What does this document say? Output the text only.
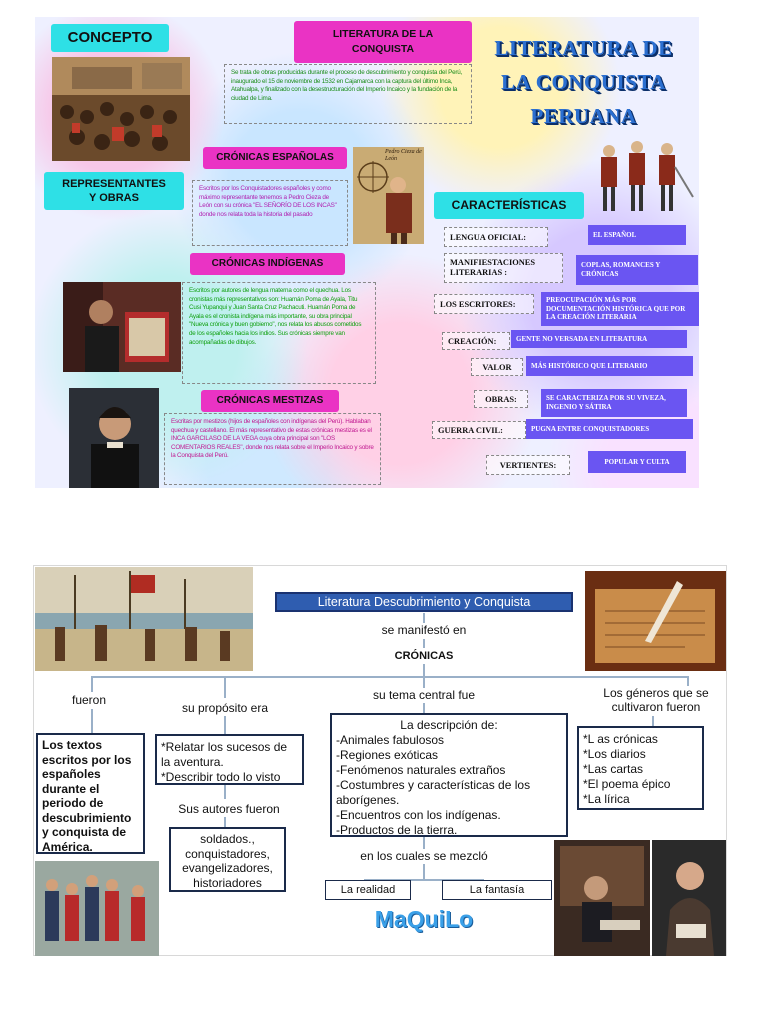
CONCEPTO	LITERATURA DE LA
CONQUISTA
Se trata de obras producidas durante el proceso de descubrimiento y conquista del Perú, inaugurado el 15 de noviembre de 1532 en Cajamarca con la captura del último Inca, Atahualpa, y finalizado con la desestructuración del Imperio Incaico y la fundación de la ciudad de Lima.
LITERATURA DE
LA CONQUISTA
PERUANA
CRÓNICAS ESPAÑOLAS
Escritos por los Conquistadores españoles y como máximo representante tenemos a Pedro Cieza de León con su crónica "EL SEÑORÍO DE LOS INCAS" donde nos relata toda la historia del pasado
Pedro Cieza de León
REPRESENTANTES
Y OBRAS	CARACTERÍSTICAS
CRÓNICAS INDÍGENAS
Escritos por autores de lengua materna como el quechua. Los cronistas más representativos son: Huamán Poma de Ayala, Titu Cusi Yupanqui y Juan Santa Cruz Pachacuti. Huamán Poma de Ayala es el cronista indígena más importante, su obra principal "Nueva crónica y buen gobierno", nos relata los abusos cometidos de los españoles hacia los indios. Sus crónicas siempre van acompañadas de dibujos.
CRÓNICAS MESTIZAS
Escritas por mestizos (hijos de españoles con indígenas del Perú). Hablaban quechua y castellano. El más representativo de estas crónicas mestizas es el INCA GARCILASO DE LA VEGA cuya obra principal son "LOS COMENTARIOS REALES", donde nos relata sobre el Imperio Incaico y sobre la Conquista del Perú.
LENGUA OFICIAL:	EL ESPAÑOL
MANIFIESTACIONES LITERARIAS :
COPLAS, ROMANCES Y CRÓNICAS
LOS ESCRITORES:	PREOCUPACIÓN MÁS POR DOCUMENTACIÓN HISTÓRICA QUE POR LA CREACIÓN LITERARIA
CREACIÓN:	GENTE NO VERSADA EN LITERATURA
VALOR	MÁS HISTÓRICO QUE LITERARIO
OBRAS:	SE CARACTERIZA POR SU VIVEZA, INGENIO Y SÁTIRA
GUERRA CIVIL:	PUGNA ENTRE CONQUISTADORES
VERTIENTES:	POPULAR Y CULTA
Literatura Descubrimiento y Conquista
se manifestó en
CRÓNICAS
fueron
Los textos escritos por los españoles durante el periodo de descubrimiento y conquista de América.
su propósito era
*Relatar los sucesos de la aventura.
*Describir todo lo visto
Sus autores fueron
soldados.,
conquistadores,
evangelizadores,
historiadores
su tema central fue
La descripción de:
-Animales fabulosos
-Regiones exóticas
-Fenómenos naturales extraños
-Costumbres y características de los aborígenes.
-Encuentros con los indígenas.
-Productos de la tierra.
en los cuales se mezcló
La realidad	La fantasía
MaQuiLo
Los géneros que se
cultivaron fueron
*L as crónicas
*Los diarios
*Las cartas
*El poema épico
*La lírica
